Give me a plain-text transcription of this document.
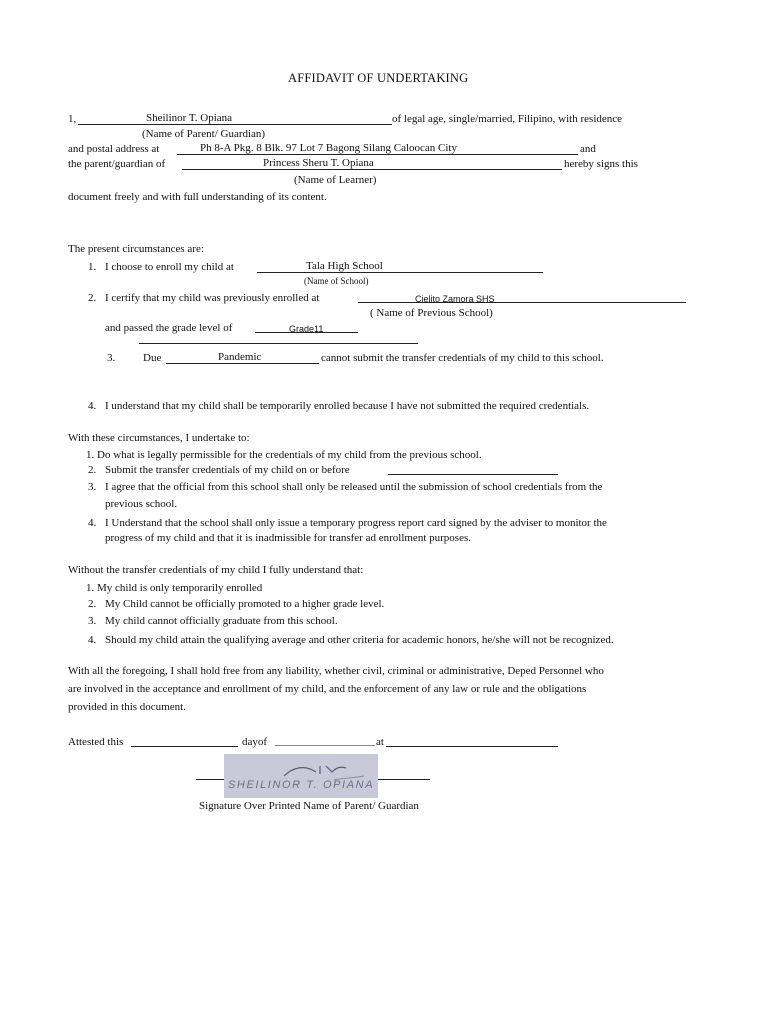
AFFIDAVIT OF UNDERTAKING
1,	Sheilinor T. Opiana	of legal age, single/married, Filipino, with residence
(Name of Parent/ Guardian)
and postal address at	Ph 8-A Pkg. 8 Blk. 97 Lot 7 Bagong Silang Caloocan City	and
the parent/guardian of	Princess Sheru T. Opiana	hereby signs this
(Name of Learner)
document freely and with full understanding of its content.
The present circumstances are:
1. I choose to enroll my child at	Tala High School
(Name of School)
2. I certify that my child was previously enrolled at	Cielito Zamora SHS
( Name of Previous School)
and passed the grade level of	Grade11
3.	Due	Pandemic	cannot submit the transfer credentials of my child to this school.
4. I understand that my child shall be temporarily enrolled because I have not submitted the required credentials.
With these circumstances, I undertake to:
1. Do what is legally permissible for the credentials of my child from the previous school.
2. Submit the transfer credentials of my child on or before
3. I agree that the official from this school shall only be released until the submission of school credentials from the
previous school.
4. I Understand that the school shall only issue a temporary progress report card signed by the adviser to monitor the
progress of my child and that it is inadmissible for transfer ad enrollment purposes.
Without the transfer credentials of my child I fully understand that:
1. My child is only temporarily enrolled
2. My Child cannot be officially promoted to a higher grade level.
3. My child cannot officially graduate from this school.
4. Should my child attain the qualifying average and other criteria for academic honors, he/she will not be recognized.
With all the foregoing, I shall hold free from any liability, whether civil, criminal or administrative, Deped Personnel who
are involved in the acceptance and enrollment of my child, and the enforcement of any law or rule and the obligations
provided in this document.
Attested this	dayof	at
SHEILINOR T. OPIANA
Signature Over Printed Name of Parent/ Guardian
